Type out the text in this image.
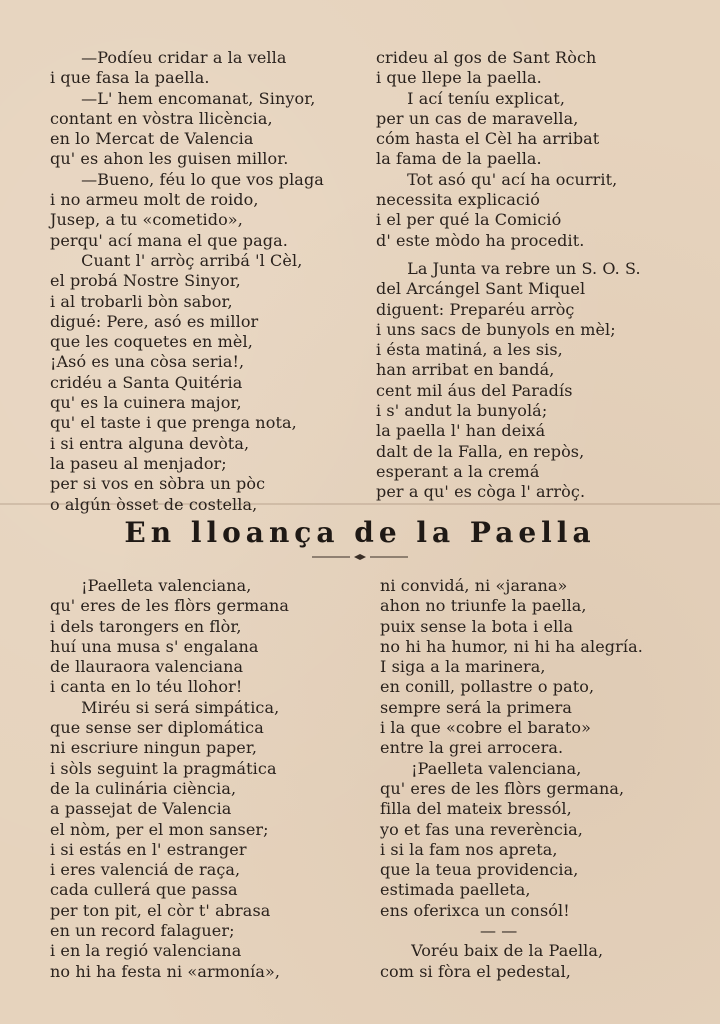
—Podíeu cridar a la vella
i que fasa la paella.
—L' hem encomanat, Sinyor,
contant en vòstra llicència,
en lo Mercat de Valencia
qu' es ahon les guisen millor.
—Bueno, féu lo que vos plaga
i no armeu molt de roido,
Jusep, a tu «cometido»,
perqu' ací mana el que paga.
Cuant l' arròç arribá 'l Cèl,
el probá Nostre Sinyor,
i al trobarli bòn sabor,
digué: Pere, asó es millor
que les coquetes en mèl,
¡Asó es una còsa seria!,
cridéu a Santa Quitéria
qu' es la cuinera major,
qu' el taste i que prenga nota,
i si entra alguna devòta,
la paseu al menjador;
per si vos en sòbra un pòc
o algún òsset de costella,
crideu al gos de Sant Ròch
i que llepe la paella.
I ací teníu explicat,
per un cas de maravella,
cóm hasta el Cèl ha arribat
la fama de la paella.
Tot asó qu' ací ha ocurrit,
necessita explicació
i el per qué la Comició
d' este mòdo ha procedit.
La Junta va rebre un S. O. S.
del Arcángel Sant Miquel
diguent: Preparéu arròç
i uns sacs de bunyols en mèl;
i ésta matiná, a les sis,
han arribat en bandá,
cent mil áus del Paradís
i s' andut la bunyolá;
la paella l' han deixá
dalt de la Falla, en repòs,
esperant a la cremá
per a qu' es còga l' arròç.
En lloança de la Paella
¡Paelleta valenciana,
qu' eres de les flòrs germana
i dels tarongers en flòr,
huí una musa s' engalana
de llauraora valenciana
i canta en lo téu llohor!
Miréu si será simpática,
que sense ser diplomática
ni escriure ningun paper,
i sòls seguint la pragmática
de la culinária ciència,
a passejat de Valencia
el nòm, per el mon sanser;
i si estás en l' estranger
i eres valenciá de raça,
cada cullerá que passa
per ton pit, el còr t' abrasa
en un record falaguer;
i en la regió valenciana
no hi ha festa ni «armonía»,
ni convidá, ni «jarana»
ahon no triunfe la paella,
puix sense la bota i ella
no hi ha humor, ni hi ha alegría.
I siga a la marinera,
en conill, pollastre o pato,
sempre será la primera
i la que «cobre el barato»
entre la grei arrocera.
¡Paelleta valenciana,
qu' eres de les flòrs germana,
filla del mateix bressól,
yo et fas una reverència,
i si la fam nos apreta,
que la teua providencia,
estimada paelleta,
ens oferixca un consól!
— —
Voréu baix de la Paella,
com si fòra el pedestal,
